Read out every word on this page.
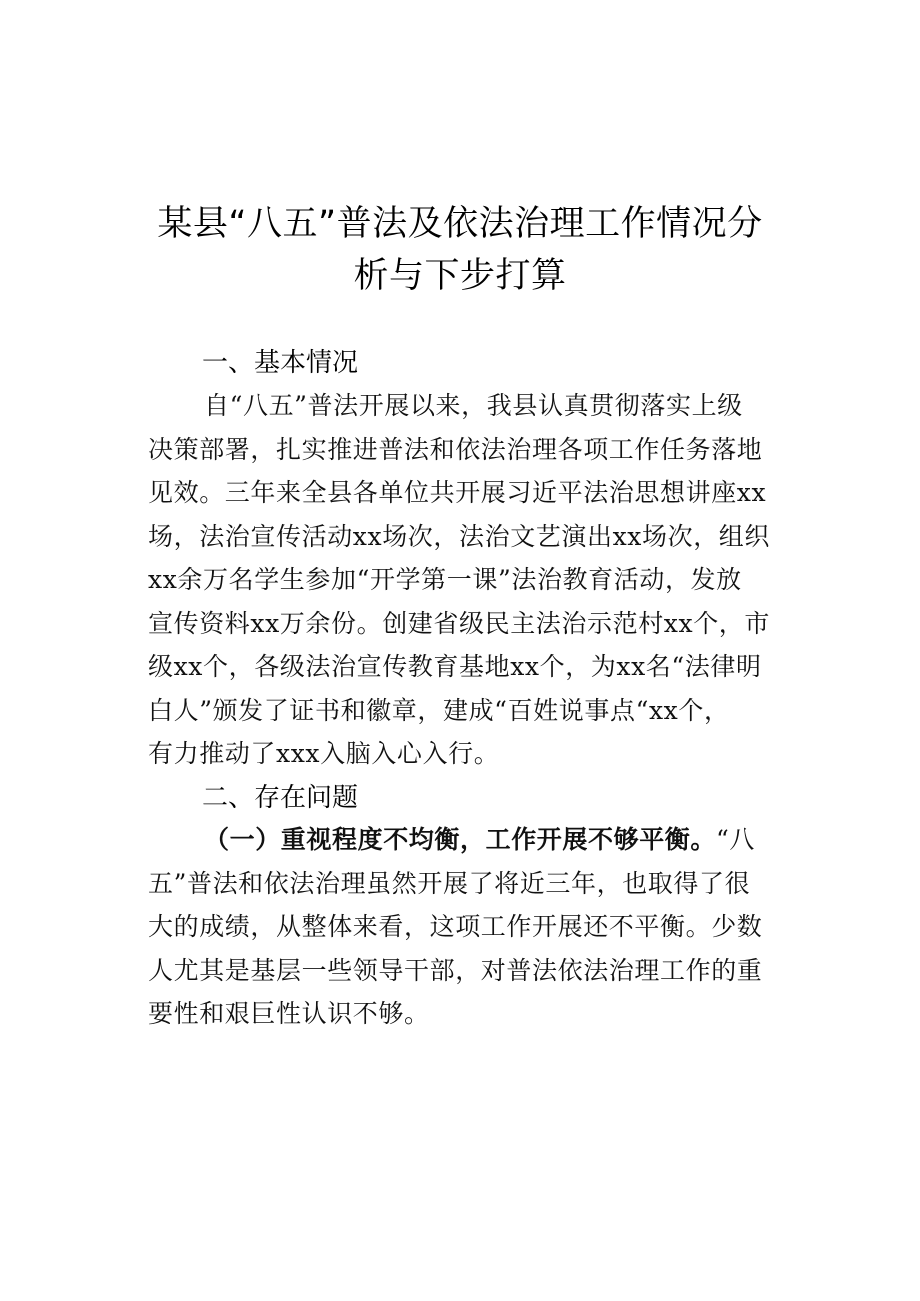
某县“八五”普法及依法治理工作情况分
析与下步打算
一、基本情况
自“八五”普法开展以来，我县认真贯彻落实上级
决策部署，扎实推进普法和依法治理各项工作任务落地
见效。三年来全县各单位共开展习近平法治思想讲座xx
场，法治宣传活动xx场次，法治文艺演出xx场次，组织
xx余万名学生参加“开学第一课”法治教育活动，发放
宣传资料xx万余份。创建省级民主法治示范村xx个，市
级xx个，各级法治宣传教育基地xx个，为xx名“法律明
白人”颁发了证书和徽章，建成“百姓说事点“xx个，
有力推动了xxx入脑入心入行。
二、存在问题
（一）重视程度不均衡，工作开展不够平衡。“八
五”普法和依法治理虽然开展了将近三年，也取得了很
大的成绩，从整体来看，这项工作开展还不平衡。少数
人尤其是基层一些领导干部，对普法依法治理工作的重
要性和艰巨性认识不够。
